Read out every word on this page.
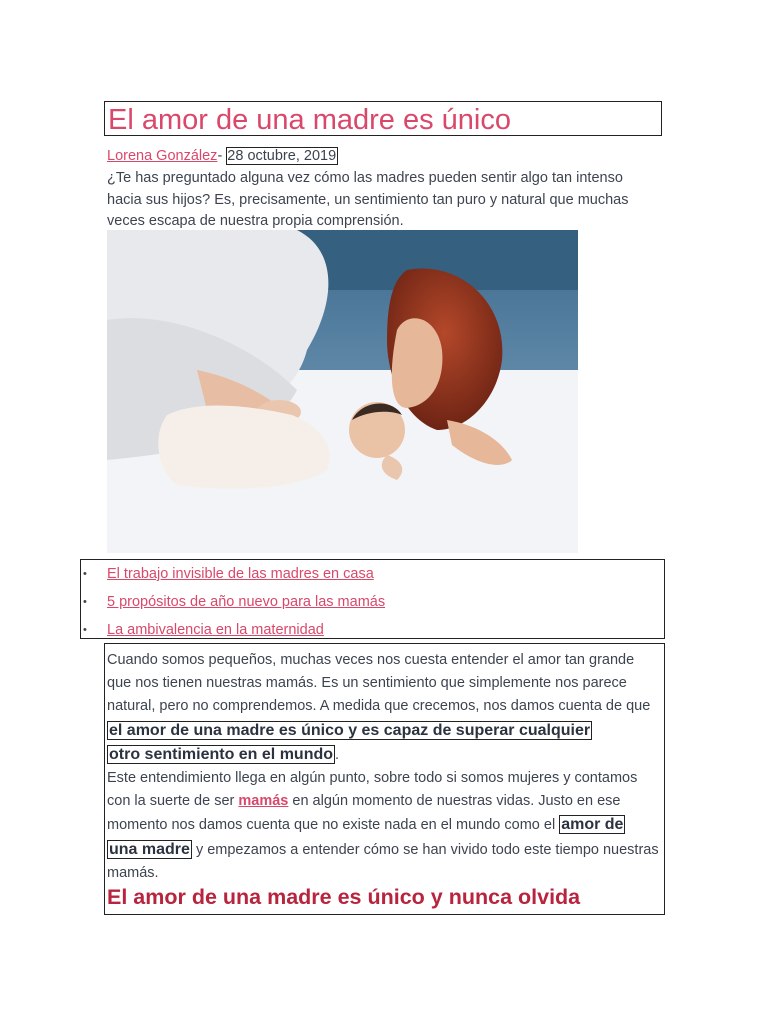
El amor de una madre es único
Lorena González- 28 octubre, 2019

¿Te has preguntado alguna vez cómo las madres pueden sentir algo tan intenso hacia sus hijos? Es, precisamente, un sentimiento tan puro y natural que muchas veces escapa de nuestra propia comprensión.

• El trabajo invisible de las madres en casa
• 5 propósitos de año nuevo para las mamás
• La ambivalencia en la maternidad

Cuando somos pequeños, muchas veces nos cuesta entender el amor tan grande que nos tienen nuestras mamás. Es un sentimiento que simplemente nos parece natural, pero no comprendemos. A medida que crecemos, nos damos cuenta de que el amor de una madre es único y es capaz de superar cualquier
otro sentimiento en el mundo .
Este entendimiento llega en algún punto, sobre todo si somos mujeres y contamos con la suerte de ser mamás en algún momento de nuestras vidas. Justo en ese momento nos damos cuenta que no existe nada en el mundo como el amor de
una madre y empezamos a entender cómo se han vivido todo este tiempo nuestras mamás.

El amor de una madre es único y nunca olvida
